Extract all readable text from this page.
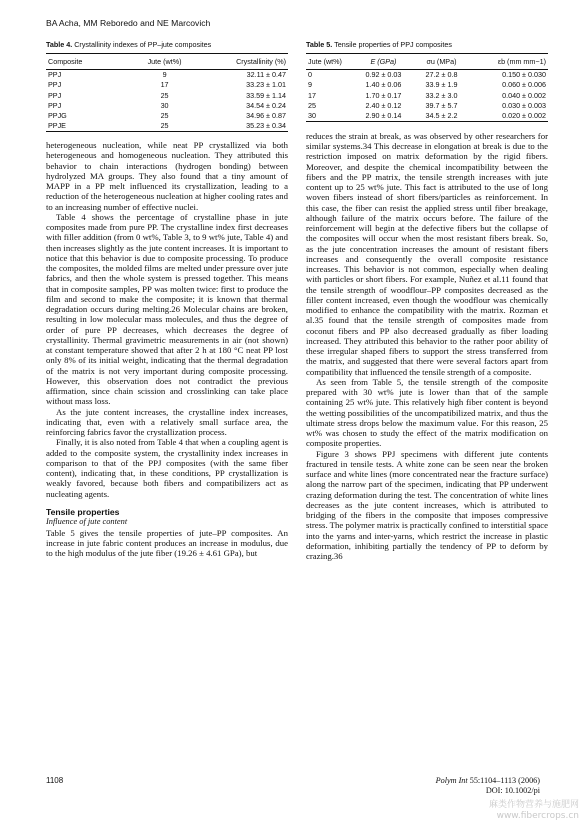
BA Acha, MM Reboredo and NE Marcovich
Table 4. Crystallinity indexes of PP–jute composites
Composite	Jute (wt%)	Crystallinity (%)
PPJ	9	32.11 ± 0.47
PPJ	17	33.23 ± 1.01
PPJ	25	33.59 ± 1.14
PPJ	30	34.54 ± 0.24
PPJG	25	34.96 ± 0.87
PPJE	25	35.23 ± 0.34

heterogeneous nucleation, while neat PP crystallized via both heterogeneous and homogeneous nucleation. They attributed this behavior to chain interactions (hydrogen bonding) between hydrolyzed MA groups. They also found that a tiny amount of MAPP in a PP melt influenced its crystallization, leading to a reduction of the heterogeneous nucleation at higher cooling rates and to an increasing number of effective nuclei.

Table 4 shows the percentage of crystalline phase in jute composites made from pure PP. The crystalline index first decreases with filler addition (from 0 wt%, Table 3, to 9 wt% jute, Table 4) and then increases slightly as the jute content increases. It is important to notice that this behavior is due to composite processing. To produce the composites, the molded films are melted under pressure over jute fabrics, and then the whole system is pressed together. This means that in composite samples, PP was molten twice: first to produce the film and second to make the composite; it is known that thermal degradation occurs during melting.26 Molecular chains are broken, resulting in low molecular mass molecules, and thus the degree of order of pure PP decreases, which decreases the degree of crystallinity. Thermal gravimetric measurements in air (not shown) at constant temperature showed that after 2 h at 180 °C neat PP lost only 8% of its initial weight, indicating that the thermal degradation of the matrix is not very important during composite processing. However, this observation does not contradict the previous affirmation, since chain scission and crosslinking can take place without mass loss.

As the jute content increases, the crystalline index increases, indicating that, even with a relatively small surface area, the reinforcing fabrics favor the crystallization process.

Finally, it is also noted from Table 4 that when a coupling agent is added to the composite system, the crystallinity index increases in comparison to that of the PPJ composites (with the same fiber content), indicating that, in these conditions, PP crystallization is weakly favored, because both fibers and compatibilizers act as nucleating agents.

Tensile properties
Influence of jute content

Table 5 gives the tensile properties of jute–PP composites. An increase in jute fabric content produces an increase in modulus, due to the high modulus of the jute fiber (19.26 ± 4.61 GPa), but

Table 5. Tensile properties of PPJ composites
Jute (wt%)	E (GPa)	σu (MPa)	εb (mm mm−1)
0	0.92 ± 0.03	27.2 ± 0.8	0.150 ± 0.030
9	1.40 ± 0.06	33.9 ± 1.9	0.060 ± 0.006
17	1.70 ± 0.17	33.2 ± 3.0	0.040 ± 0.002
25	2.40 ± 0.12	39.7 ± 5.7	0.030 ± 0.003
30	2.90 ± 0.14	34.5 ± 2.2	0.020 ± 0.002

reduces the strain at break, as was observed by other researchers for similar systems.34 This decrease in elongation at break is due to the restriction imposed on matrix deformation by the rigid fibers. Moreover, and despite the chemical incompatibility between the fibers and the PP matrix, the tensile strength increases with jute content up to 25 wt% jute. This fact is attributed to the use of long woven fibers instead of short fibers/particles as reinforcement. In this case, the fiber can resist the applied stress until fiber breakage, although failure of the matrix occurs before. The failure of the reinforcement will begin at the defective fibers but the collapse of the composites will occur when the most resistant fibers break. So, as the jute concentration increases the amount of resistant fibers increases and consequently the overall composite resistance increases. This behavior is not common, especially when dealing with particles or short fibers. For example, Nuñez et al.11 found that the tensile strength of woodflour–PP composites decreased as the filler content increased, even though the woodflour was chemically modified to enhance the compatibility with the matrix. Rozman et al.35 found that the tensile strength of composites made from coconut fibers and PP also decreased gradually as fiber loading increased. They attributed this behavior to the rather poor ability of these irregular shaped fibers to support the stress transferred from the matrix, and suggested that there were several factors apart from compatibility that influenced the tensile strength of a composite.

As seen from Table 5, the tensile strength of the composite prepared with 30 wt% jute is lower than that of the sample containing 25 wt% jute. This relatively high fiber content is beyond the wetting possibilities of the uncompatibilized matrix, and thus the ultimate stress drops below the maximum value. For this reason, 25 wt% was chosen to study the effect of the matrix modification on composite properties.

Figure 3 shows PPJ specimens with different jute contents fractured in tensile tests. A white zone can be seen near the broken surface and white lines (more concentrated near the fracture surface) along the narrow part of the specimen, indicating that PP underwent crazing deformation during the test. The concentration of white lines decreases as the jute content increases, which is attributed to bridging of the fibers in the composite that imposes compressive stress. The polymer matrix is practically confined to interstitial space into the yarns and inter-yarns, which restrict the increase in plastic deformation, inhibiting partially the tendency of PP to deform by crazing.36

1108	Polym Int 55:1104–1113 (2006)
DOI: 10.1002/pi
麻类作物营养与施肥网
www.fibercrops.cn
